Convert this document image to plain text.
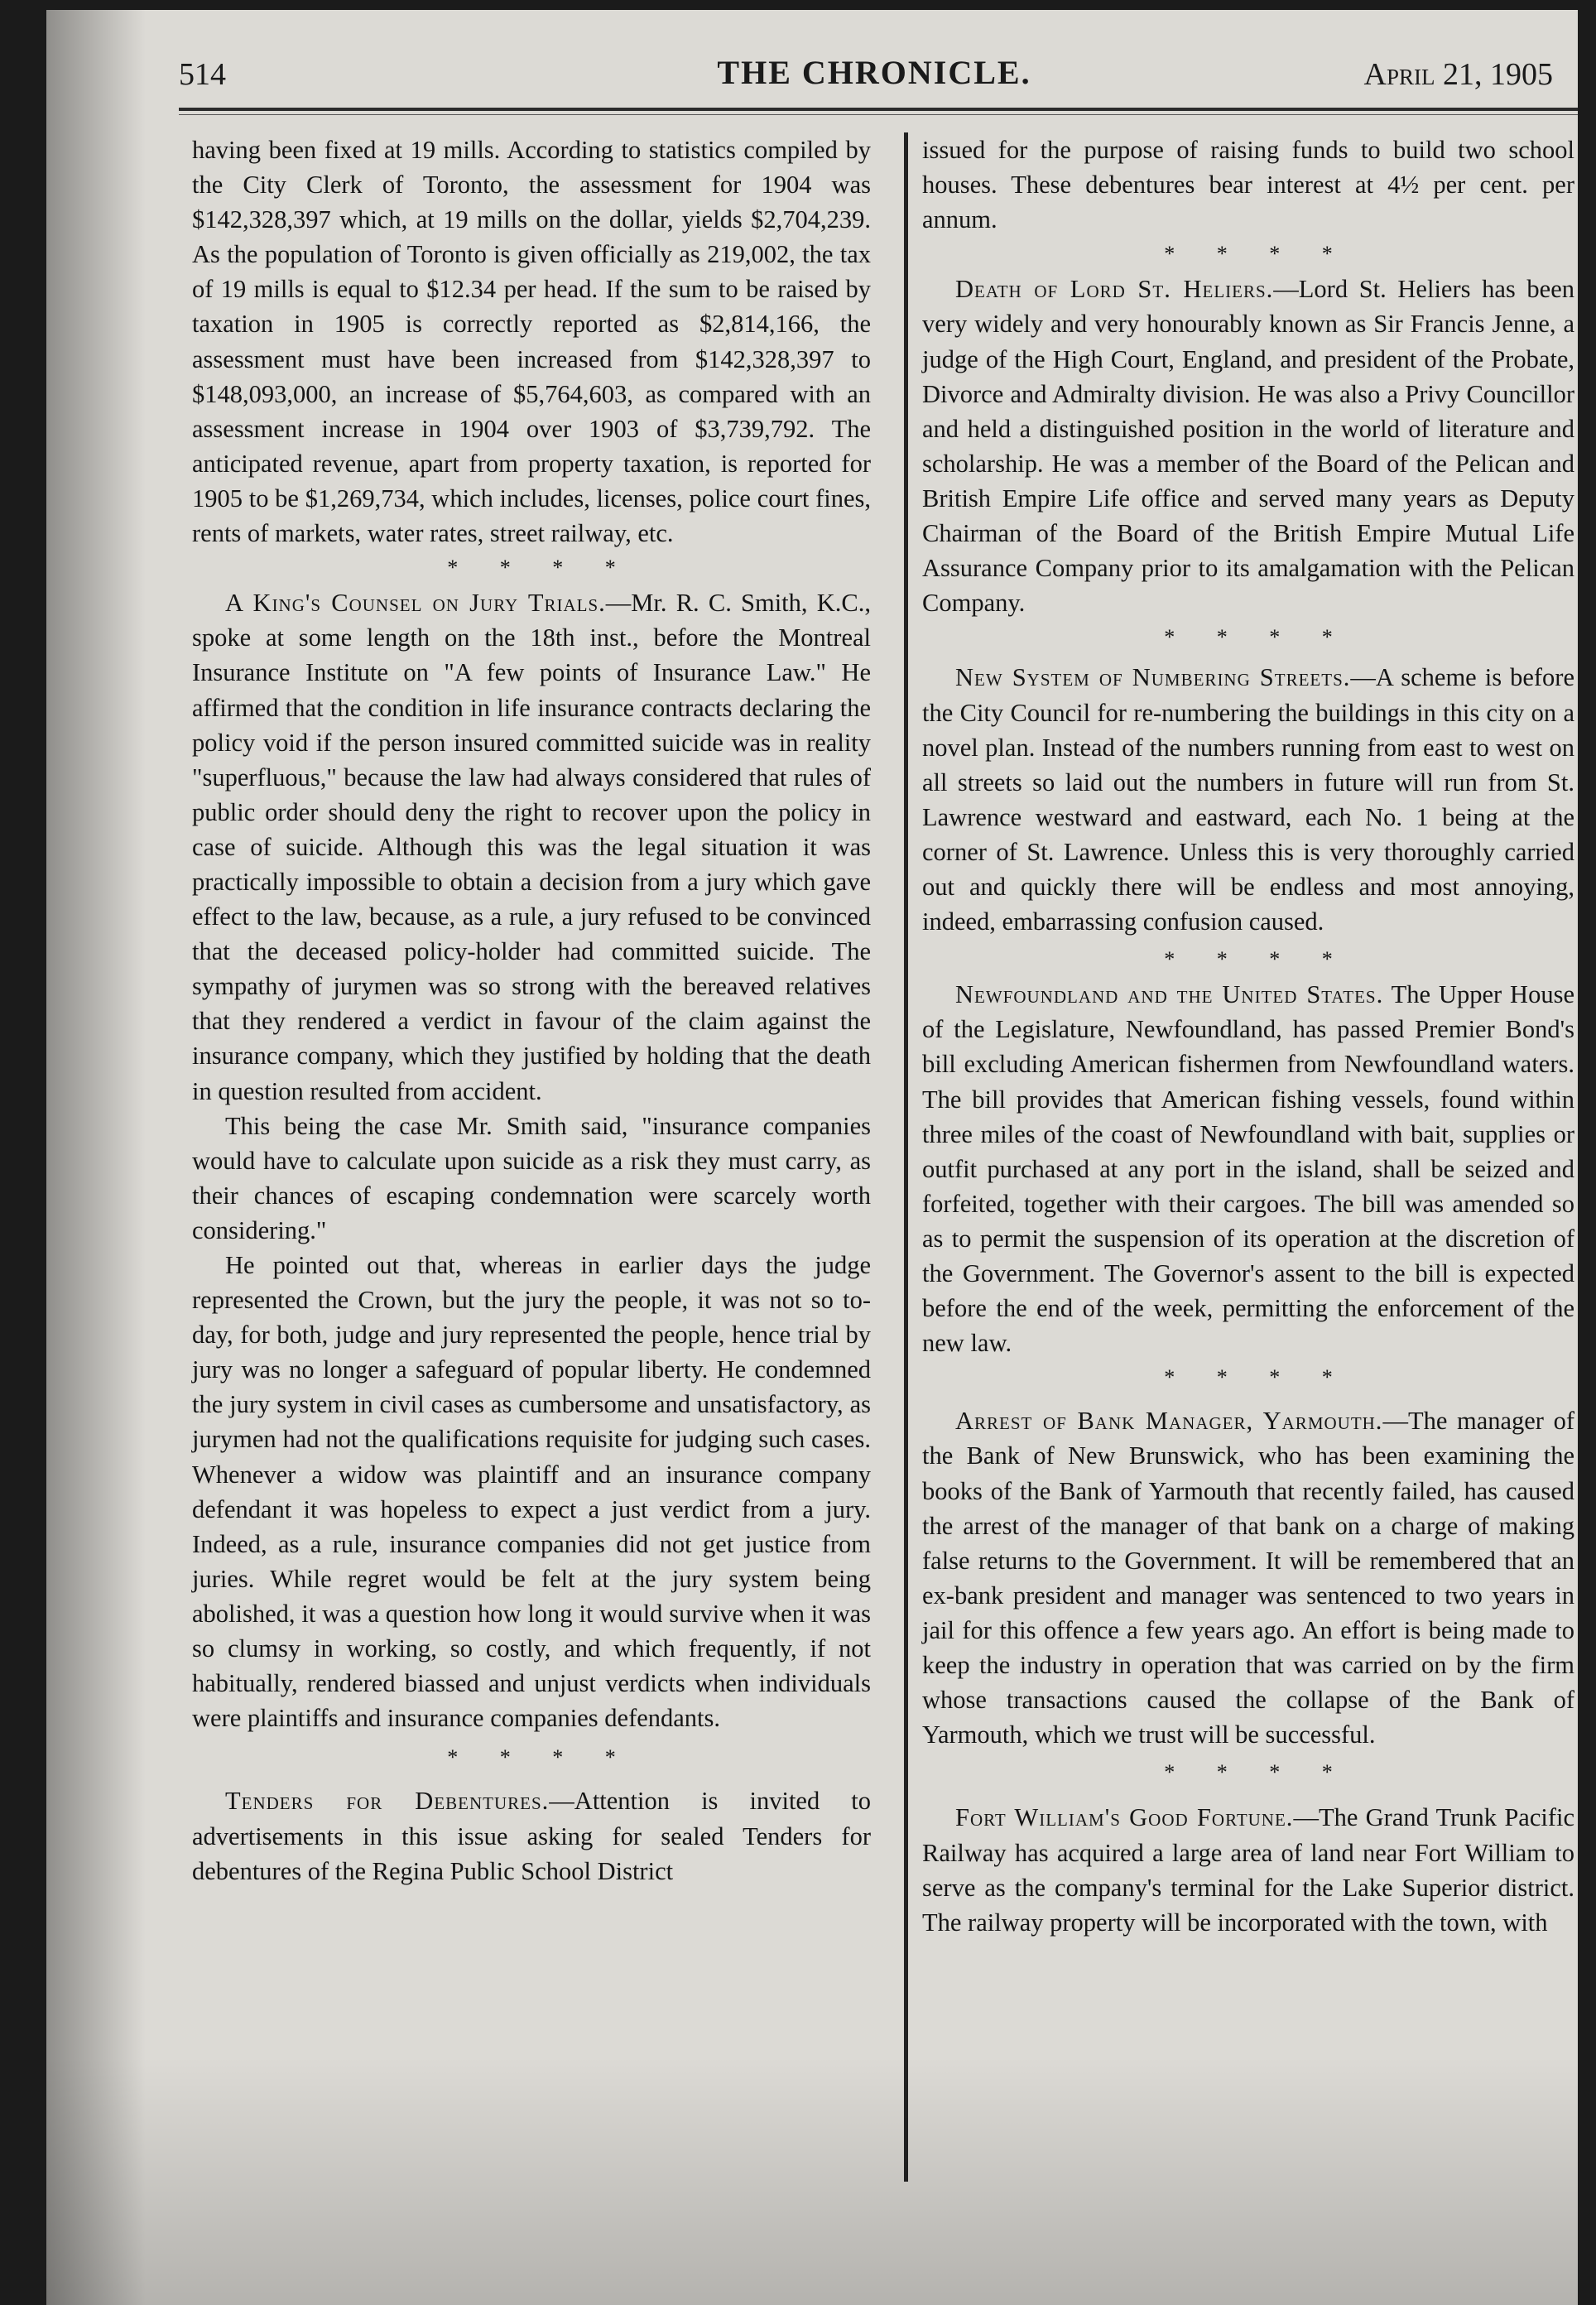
514	THE CHRONICLE.	April 21, 1905

having been fixed at 19 mills. According to statistics compiled by the City Clerk of Toronto, the assessment for 1904 was $142,328,397 which, at 19 mills on the dollar, yields $2,704,239. As the population of Toronto is given officially as 219,002, the tax of 19 mills is equal to $12.34 per head. If the sum to be raised by taxation in 1905 is correctly reported as $2,814,166, the assessment must have been increased from $142,328,397 to $148,093,000, an increase of $5,764,603, as compared with an assessment increase in 1904 over 1903 of $3,739,792. The anticipated revenue, apart from property taxation, is reported for 1905 to be $1,269,734, which includes, licenses, police court fines, rents of markets, water rates, street railway, etc.

* * * *

A King's Counsel on Jury Trials.—Mr. R. C. Smith, K.C., spoke at some length on the 18th inst., before the Montreal Insurance Institute on "A few points of Insurance Law." He affirmed that the condition in life insurance contracts declaring the policy void if the person insured committed suicide was in reality "superfluous," because the law had always considered that rules of public order should deny the right to recover upon the policy in case of suicide. Although this was the legal situation it was practically impossible to obtain a decision from a jury which gave effect to the law, because, as a rule, a jury refused to be convinced that the deceased policy-holder had committed suicide. The sympathy of jurymen was so strong with the bereaved relatives that they rendered a verdict in favour of the claim against the insurance company, which they justified by holding that the death in question resulted from accident.

This being the case Mr. Smith said, "insurance companies would have to calculate upon suicide as a risk they must carry, as their chances of escaping condemnation were scarcely worth considering."

He pointed out that, whereas in earlier days the judge represented the Crown, but the jury the people, it was not so to-day, for both, judge and jury represented the people, hence trial by jury was no longer a safeguard of popular liberty. He condemned the jury system in civil cases as cumbersome and unsatisfactory, as jurymen had not the qualifications requisite for judging such cases. Whenever a widow was plaintiff and an insurance company defendant it was hopeless to expect a just verdict from a jury. Indeed, as a rule, insurance companies did not get justice from juries. While regret would be felt at the jury system being abolished, it was a question how long it would survive when it was so clumsy in working, so costly, and which frequently, if not habitually, rendered biassed and unjust verdicts when individuals were plaintiffs and insurance companies defendants.

* * * *

Tenders for Debentures.—Attention is invited to advertisements in this issue asking for sealed Tenders for debentures of the Regina Public School District

issued for the purpose of raising funds to build two school houses. These debentures bear interest at 4½ per cent. per annum.

* * * *

Death of Lord St. Heliers.—Lord St. Heliers has been very widely and very honourably known as Sir Francis Jenne, a judge of the High Court, England, and president of the Probate, Divorce and Admiralty division. He was also a Privy Councillor and held a distinguished position in the world of literature and scholarship. He was a member of the Board of the Pelican and British Empire Life office and served many years as Deputy Chairman of the Board of the British Empire Mutual Life Assurance Company prior to its amalgamation with the Pelican Company.

* * * *

New System of Numbering Streets.—A scheme is before the City Council for re-numbering the buildings in this city on a novel plan. Instead of the numbers running from east to west on all streets so laid out the numbers in future will run from St. Lawrence westward and eastward, each No. 1 being at the corner of St. Lawrence. Unless this is very thoroughly carried out and quickly there will be endless and most annoying, indeed, embarrassing confusion caused.

* * * *

Newfoundland and the United States. The Upper House of the Legislature, Newfoundland, has passed Premier Bond's bill excluding American fishermen from Newfoundland waters. The bill provides that American fishing vessels, found within three miles of the coast of Newfoundland with bait, supplies or outfit purchased at any port in the island, shall be seized and forfeited, together with their cargoes. The bill was amended so as to permit the suspension of its operation at the discretion of the Government. The Governor's assent to the bill is expected before the end of the week, permitting the enforcement of the new law.

* * * *

Arrest of Bank Manager, Yarmouth.—The manager of the Bank of New Brunswick, who has been examining the books of the Bank of Yarmouth that recently failed, has caused the arrest of the manager of that bank on a charge of making false returns to the Government. It will be remembered that an ex-bank president and manager was sentenced to two years in jail for this offence a few years ago. An effort is being made to keep the industry in operation that was carried on by the firm whose transactions caused the collapse of the Bank of Yarmouth, which we trust will be successful.

* * * *

Fort William's Good Fortune.—The Grand Trunk Pacific Railway has acquired a large area of land near Fort William to serve as the company's terminal for the Lake Superior district. The railway property will be incorporated with the town, with
